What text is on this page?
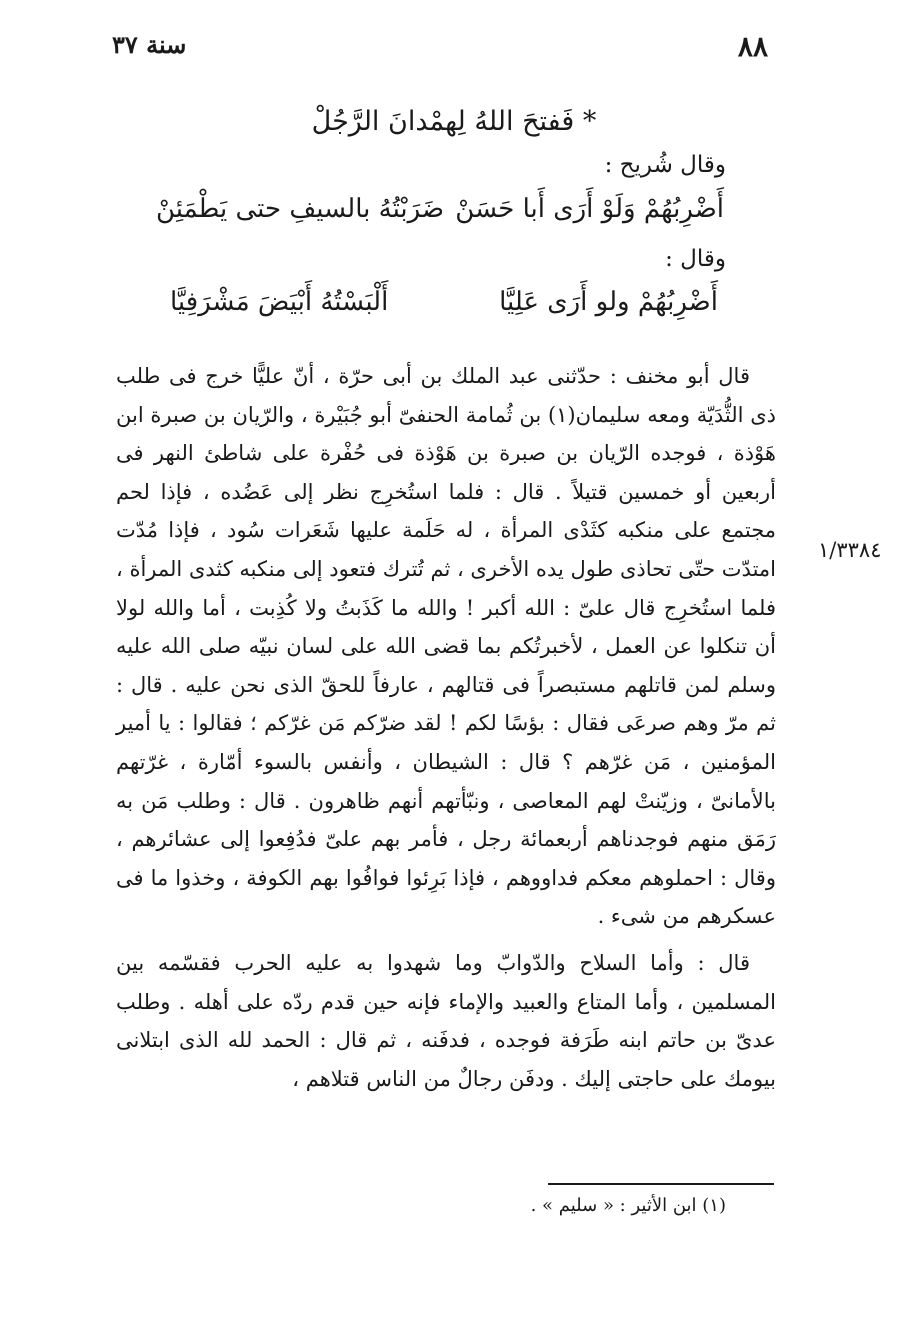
٨٨
سنة ٣٧
* فَفتحَ اللهُ لِهمْدانَ الرَّجُلْ
وقال شُريح :
أَضْرِبُهُمْ وَلَوْ أَرَى أَبا حَسَنْ
ضَرَبْتُهُ بالسيفِ حتى يَطْمَئِنْ
وقال :
أَضْرِبُهُمْ ولو أَرَى عَلِيَّا
أَلْبَسْتُهُ أَبْيَضَ مَشْرَفِيَّا

قال أبو مخنف : حدّثنى عبد الملك بن أبى حرّة ، أنّ عليًّا خرج فى طلب ذى الثُّدَيّة ومعه سليمان(١) بن ثُمامة الحنفىّ أبو جُبَيْرة ، والرّيان بن صبرة ابن هَوْذة ، فوجده الرّيان بن صبرة بن هَوْذة فى حُفْرة على شاطئ النهر فى أربعين أو خمسين قتيلاً . قال : فلما استُخرِج نظر إلى عَضُده ، فإذا لحم مجتمع على منكبه كثَدْى المرأة ، له حَلَمة عليها شَعَرات سُود ، فإذا مُدّت امتدّت حتّى تحاذى طول يده الأخرى ، ثم تُترك فتعود إلى منكبه كثدى المرأة ، فلما استُخرِج قال علىّ : الله أكبر ! والله ما كَذَبتُ ولا كُذِبت ، أما والله لولا أن تنكلوا عن العمل ، لأخبرتُكم بما قضى الله على لسان نبيّه صلى الله عليه وسلم لمن قاتلهم مستبصراً فى قتالهم ، عارفاً للحقّ الذى نحن عليه . قال : ثم مرّ وهم صرعَى فقال : بؤسًا لكم ! لقد ضرّكم مَن غرّكم ؛ فقالوا : يا أمير المؤمنين ، مَن غرّهم ؟ قال : الشيطان ، وأنفس بالسوء أمّارة ، غرّتهم بالأمانىّ ، وزيّنتْ لهم المعاصى ، ونبّأتهم أنهم ظاهرون . قال : وطلب مَن به رَمَق منهم فوجدناهم أربعمائة رجل ، فأمر بهم علىّ فدُفِعوا إلى عشائرهم ، وقال : احملوهم معكم فداووهم ، فإذا بَرِئوا فوافُوا بهم الكوفة ، وخذوا ما فى عسكرهم من شىء .

قال : وأما السلاح والدّوابّ وما شهدوا به عليه الحرب فقسّمه بين المسلمين ، وأما المتاع والعبيد والإماء فإنه حين قدم ردّه على أهله . وطلب عدىّ بن حاتم ابنه طَرَفة فوجده ، فدفَنه ، ثم قال : الحمد لله الذى ابتلانى بيومك على حاجتى إليك . ودفَن رجالٌ من الناس قتلاهم ،

١/٣٣٨٤
(١) ابن الأثير : « سليم » .
